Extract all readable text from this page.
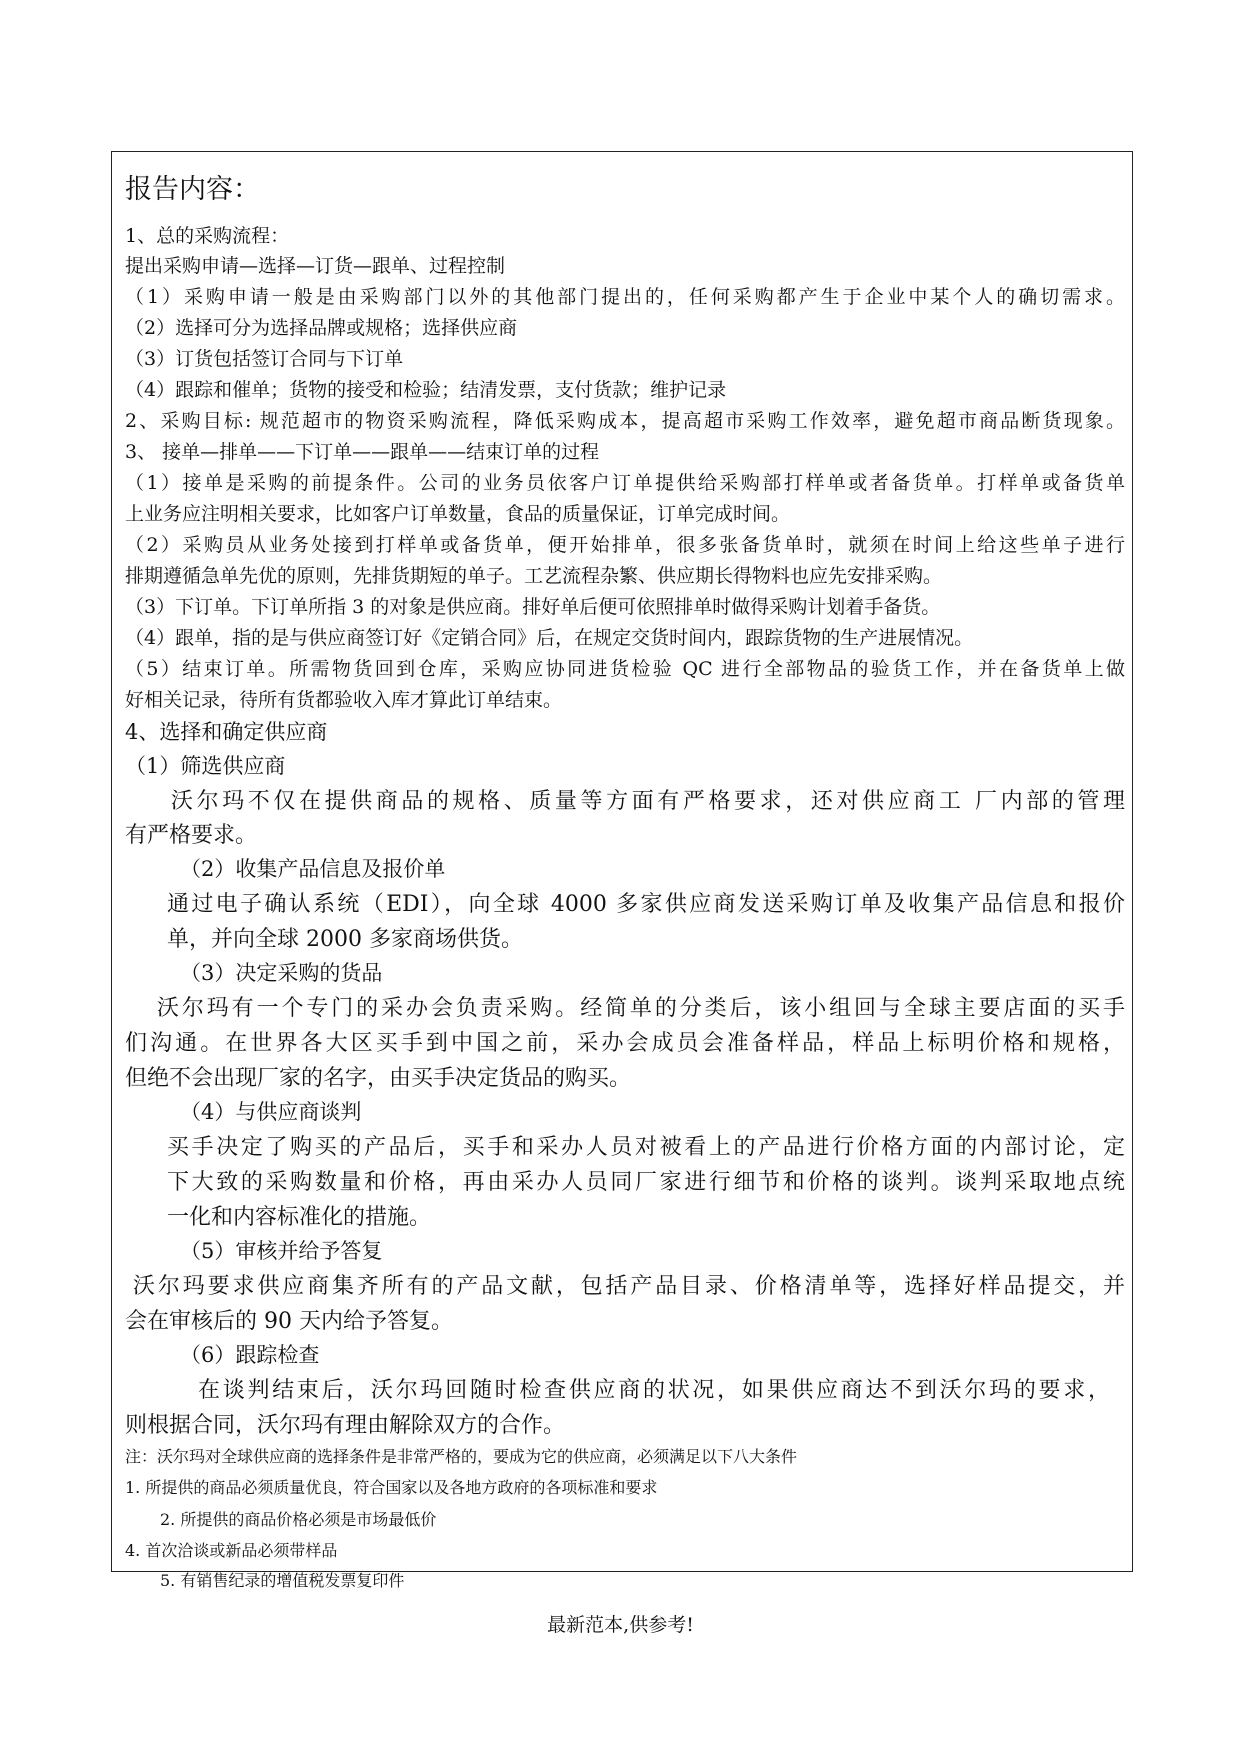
报告内容：
1、总的采购流程：
提出采购申请—选择—订货—跟单、过程控制
（1）采购申请一般是由采购部门以外的其他部门提出的，任何采购都产生于企业中某个人的确切需求。
（2）选择可分为选择品牌或规格；选择供应商
（3）订货包括签订合同与下订单
（4）跟踪和催单；货物的接受和检验；结清发票，支付货款；维护记录
2、采购目标: 规范超市的物资采购流程，降低采购成本，提高超市采购工作效率，避免超市商品断货现象。
3、 接单—排单——下订单——跟单——结束订单的过程
（1）接单是采购的前提条件。公司的业务员依客户订单提供给采购部打样单或者备货单。打样单或备货单
上业务应注明相关要求，比如客户订单数量，食品的质量保证，订单完成时间。
（2）采购员从业务处接到打样单或备货单，便开始排单，很多张备货单时，就须在时间上给这些单子进行
排期遵循急单先优的原则，先排货期短的单子。工艺流程杂繁、供应期长得物料也应先安排采购。
（3）下订单。下订单所指 3 的对象是供应商。排好单后便可依照排单时做得采购计划着手备货。
（4）跟单，指的是与供应商签订好《定销合同》后，在规定交货时间内，跟踪货物的生产进展情况。
（5）结束订单。所需物货回到仓库，采购应协同进货检验 QC 进行全部物品的验货工作，并在备货单上做
好相关记录，待所有货都验收入库才算此订单结束。
4、选择和确定供应商
（1）筛选供应商
沃尔玛不仅在提供商品的规格、质量等方面有严格要求，还对供应商工 厂内部的管理
有严格要求。
（2）收集产品信息及报价单
通过电子确认系统（EDI），向全球 4000 多家供应商发送采购订单及收集产品信息和报价
单，并向全球 2000 多家商场供货。
（3）决定采购的货品
沃尔玛有一个专门的采办会负责采购。经简单的分类后，该小组回与全球主要店面的买手
们沟通。在世界各大区买手到中国之前，采办会成员会准备样品，样品上标明价格和规格，
但绝不会出现厂家的名字，由买手决定货品的购买。
（4）与供应商谈判
买手决定了购买的产品后，买手和采办人员对被看上的产品进行价格方面的内部讨论，定
下大致的采购数量和价格，再由采办人员同厂家进行细节和价格的谈判。谈判采取地点统
一化和内容标准化的措施。
（5）审核并给予答复
沃尔玛要求供应商集齐所有的产品文献，包括产品目录、价格清单等，选择好样品提交，并
会在审核后的 90 天内给予答复。
（6）跟踪检查
在谈判结束后，沃尔玛回随时检查供应商的状况，如果供应商达不到沃尔玛的要求，
则根据合同，沃尔玛有理由解除双方的合作。
注：沃尔玛对全球供应商的选择条件是非常严格的，要成为它的供应商，必须满足以下八大条件
1. 所提供的商品必须质量优良，符合国家以及各地方政府的各项标准和要求
2. 所提供的商品价格必须是市场最低价
4. 首次洽谈或新品必须带样品
5. 有销售纪录的增值税发票复印件
最新范本,供参考!
